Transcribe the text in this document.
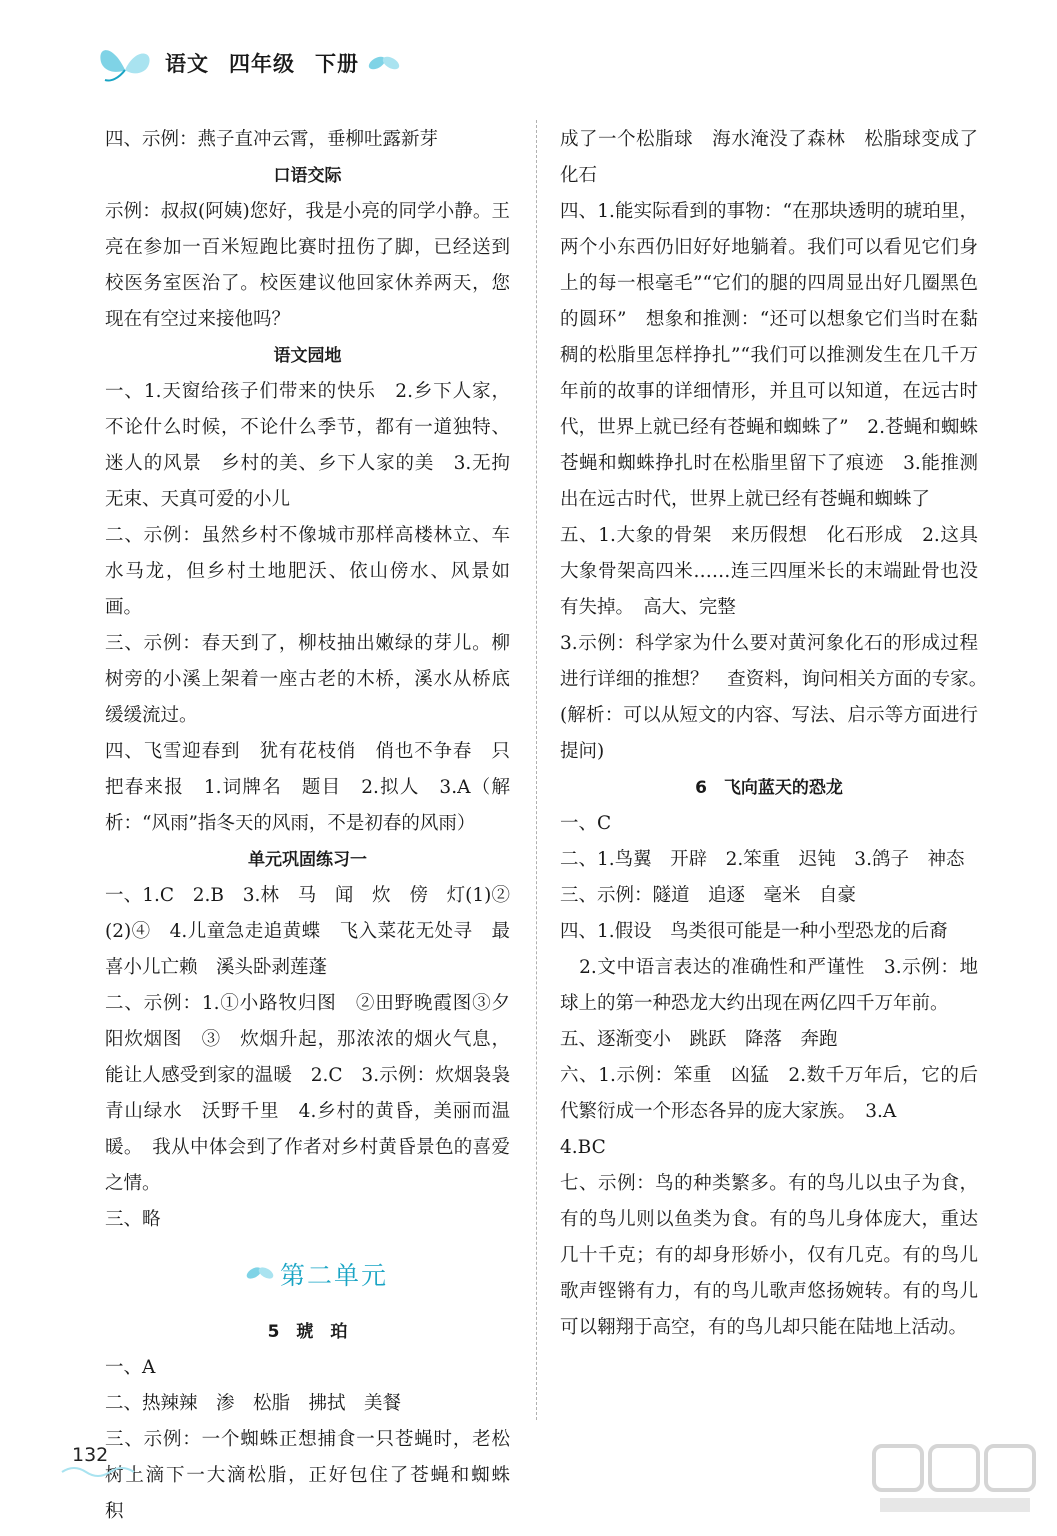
语文 四年级 下册

四、示例：燕子直冲云霄，垂柳吐露新芽

口语交际

示例：叔叔(阿姨)您好，我是小亮的同学小静。王亮在参加一百米短跑比赛时扭伤了脚，已经送到校医务室医治了。校医建议他回家休养两天，您现在有空过来接他吗？

语文园地

一、1.天窗给孩子们带来的快乐　2.乡下人家，不论什么时候，不论什么季节，都有一道独特、迷人的风景　乡村的美、乡下人家的美　3.无拘无束、天真可爱的小儿

二、示例：虽然乡村不像城市那样高楼林立、车水马龙，但乡村土地肥沃、依山傍水、风景如画。

三、示例：春天到了，柳枝抽出嫩绿的芽儿。柳树旁的小溪上架着一座古老的木桥，溪水从桥底缓缓流过。

四、飞雪迎春到　犹有花枝俏　俏也不争春　只把春来报　1.词牌名　题目　2.拟人　3.A（解析：“风雨”指冬天的风雨，不是初春的风雨）

单元巩固练习一

一、1.C　2.B　3.林　马　闻　炊　傍　灯(1)②　(2)④　4.儿童急走追黄蝶　飞入菜花无处寻　最喜小儿亡赖　溪头卧剥莲蓬

二、示例：1.①小路牧归图　②田野晚霞图③夕阳炊烟图　③　炊烟升起，那浓浓的烟火气息，能让人感受到家的温暖　2.C　3.示例：炊烟袅袅　青山绿水　沃野千里　4.乡村的黄昏，美丽而温暖。　我从中体会到了作者对乡村黄昏景色的喜爱之情。

三、略

第二单元

5　琥　珀

一、A

二、热辣辣　渗　松脂　拂拭　美餐

三、示例：一个蜘蛛正想捕食一只苍蝇时，老松树上滴下一大滴松脂，正好包住了苍蝇和蜘蛛　积

成了一个松脂球　海水淹没了森林　松脂球变成了化石

四、1.能实际看到的事物：“在那块透明的琥珀里，两个小东西仍旧好好地躺着。我们可以看见它们身上的每一根毫毛”“它们的腿的四周显出好几圈黑色的圆环”　想象和推测：“还可以想象它们当时在黏稠的松脂里怎样挣扎”“我们可以推测发生在几千万年前的故事的详细情形，并且可以知道，在远古时代，世界上就已经有苍蝇和蜘蛛了”　2.苍蝇和蜘蛛　苍蝇和蜘蛛挣扎时在松脂里留下了痕迹　3.能推测出在远古时代，世界上就已经有苍蝇和蜘蛛了

五、1.大象的骨架　来历假想　化石形成　2.这具大象骨架高四米……连三四厘米长的末端趾骨也没有失掉。　高大、完整

3.示例：科学家为什么要对黄河象化石的形成过程进行详细的推想？　查资料，询问相关方面的专家。　(解析：可以从短文的内容、写法、启示等方面进行提问)

6　飞向蓝天的恐龙

一、C

二、1.鸟翼　开辟　2.笨重　迟钝　3.鸽子　神态

三、示例：隧道　追逐　毫米　自豪

四、1.假设　鸟类很可能是一种小型恐龙的后裔

　2.文中语言表达的准确性和严谨性　3.示例：地球上的第一种恐龙大约出现在两亿四千万年前。

五、逐渐变小　跳跃　降落　奔跑

六、1.示例：笨重　凶猛　2.数千万年后，它的后代繁衍成一个形态各异的庞大家族。　3.A

4.BC

七、示例：鸟的种类繁多。有的鸟儿以虫子为食，有的鸟儿则以鱼类为食。有的鸟儿身体庞大，重达几十千克；有的却身形娇小，仅有几克。有的鸟儿歌声铿锵有力，有的鸟儿歌声悠扬婉转。有的鸟儿可以翱翔于高空，有的鸟儿却只能在陆地上活动。

132
